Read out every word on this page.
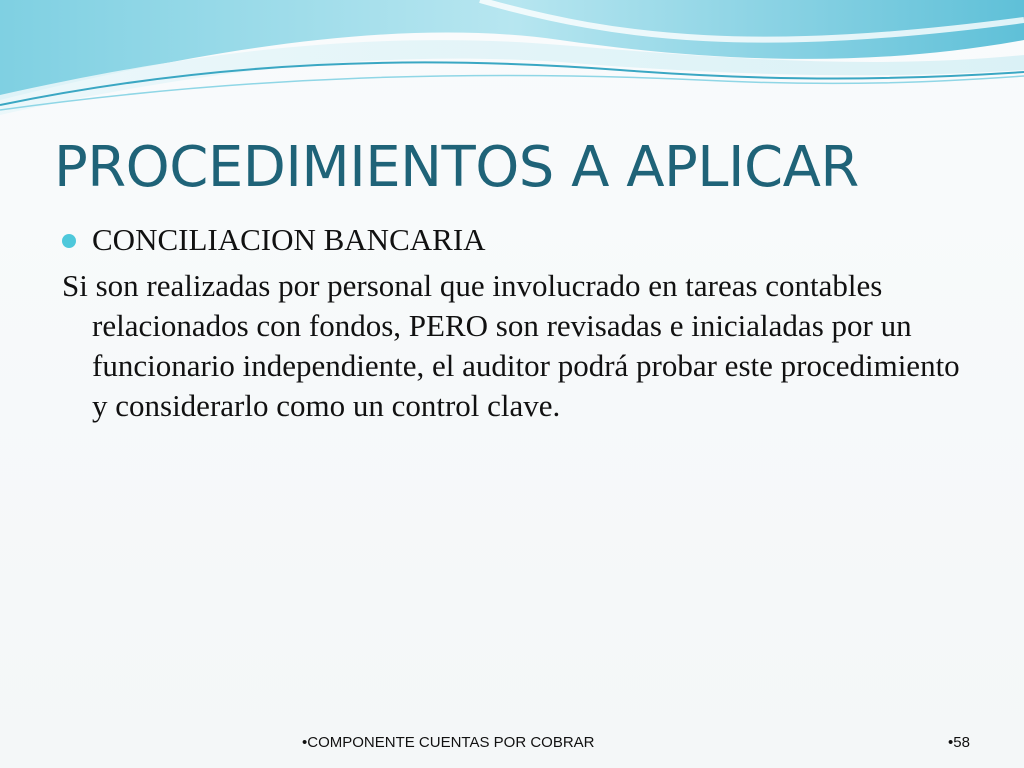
PROCEDIMIENTOS A APLICAR
CONCILIACION BANCARIA

Si son realizadas por personal que involucrado en tareas contables relacionados con fondos, PERO son revisadas e inicialadas por un funcionario independiente, el auditor podrá probar este procedimiento y considerarlo como un control clave.

•COMPONENTE CUENTAS POR COBRAR	•58
